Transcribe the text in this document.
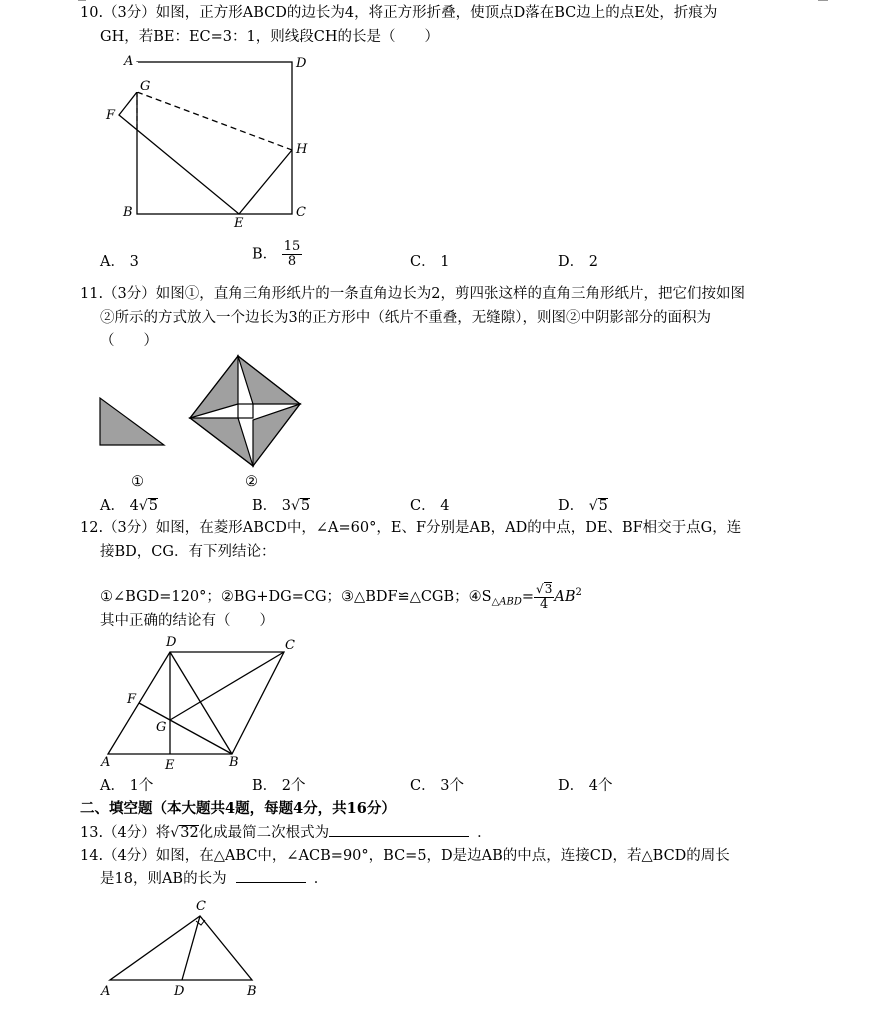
10.（3分）如图，正方形ABCD的边长为4，将正方形折叠，使顶点D落在BC边上的点E处，折痕为
GH，若BE：EC=3：1，则线段CH的长是（　　）
A	D
G
F
H
B
E
C
A． 3	B． $\frac{15}{8}$	C． 1	D． 2
11.（3分）如图①，直角三角形纸片的一条直角边长为2，剪四张这样的直角三角形纸片，把它们按如图
②所示的方式放入一个边长为3的正方形中（纸片不重叠，无缝隙），则图②中阴影部分的面积为
（　　）
①	②
A． 4√5	B． 3√5	C． 4	D． √5
12.（3分）如图，在菱形ABCD中，∠A=60°，E、F分别是AB，AD的中点，DE、BF相交于点G，连
接BD，CG．有下列结论：
①∠BGD=120°；②BG+DG=CG；③△BDF≌△CGB；$④S_{\triangle ABD}= \frac{√3}{4} AB^2$
其中正确的结论有（　　）
D	C
F
G
A	E	B
A． 1个	B． 2个	C． 3个	D． 4个
二、填空题（本大题共4题，每题4分，共16分）
13.（4分）将√32化成最简二次根式为	．
14.（4分）如图，在△ABC中，∠ACB=90°，BC=5，D是边AB的中点，连接CD，若△BCD的周长
是18，则AB的长为	．
C
A	D	B
